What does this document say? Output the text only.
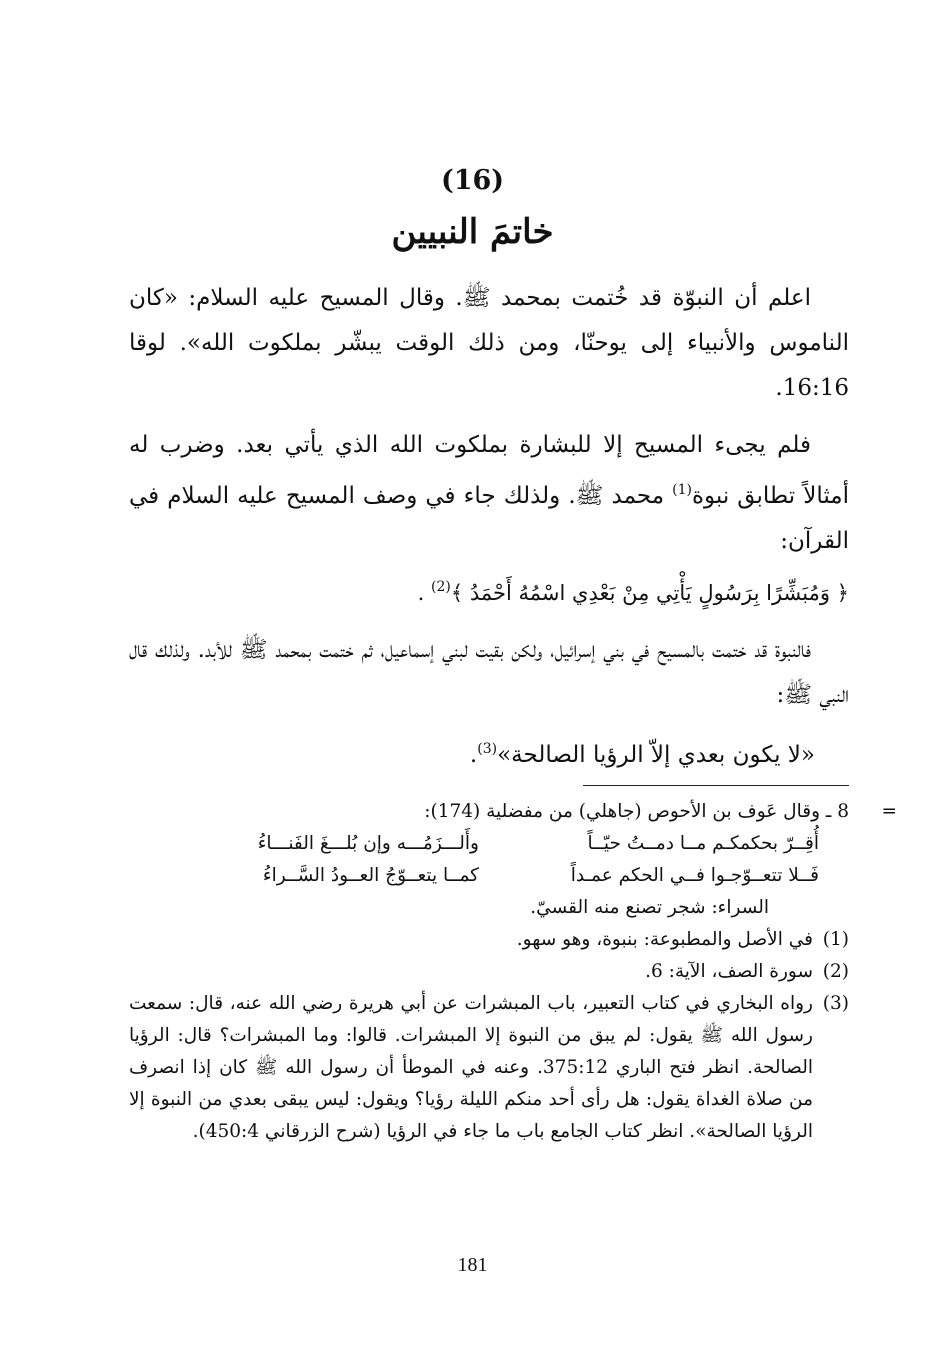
(16)
خاتمَ النبيين
اعلم أن النبوّة قد خُتمت بمحمد ﷺ. وقال المسيح عليه السلام: «كان الناموس والأنبياء إلى يوحنّا، ومن ذلك الوقت يبشّر بملكوت الله». لوقا 16:16.
فلم يجىء المسيح إلا للبشارة بملكوت الله الذي يأتي بعد. وضرب له أمثالاً تطابق نبوة$^{(1)}$ محمد ﷺ. ولذلك جاء في وصف المسيح عليه السلام في القرآن:
﴿ وَمُبَشِّرًا بِرَسُولٍ يَأْتِي مِنْ بَعْدِي اسْمُهُ أَحْمَدُ ﴾$^{(2)}$ .
فالنبوة قد ختمت بالمسيح في بني إسرائيل، ولكن بقيت لبني إسماعيل، ثم ختمت بمحمد ﷺ للأبد. ولذلك قال النبي ﷺ:
«لا يكون بعدي إلاّ الرؤيا الصالحة»$^{(3)}$.
=
8 ـ وقال عَوف بن الأحوص (جاهلي) من مفضلية (174):
أُقِــرّ بحكمكـم مــا دمــتُ حيّــاً
وأَلـــزَمُـــه وإن بُلـــغَ الفَنـــاءُ
فَــلا تتعــوّجـوا فــي الحكم عمـداً
كمــا يتعــوّجُ العــودُ السَّــراءُ
السراء: شجر تصنع منه القسيّ.
(1)
في الأصل والمطبوعة: بنبوة، وهو سهو.
(2)
سورة الصف، الآية: 6.
(3)
رواه البخاري في كتاب التعبير، باب المبشرات عن أبي هريرة رضي الله عنه، قال: سمعت رسول الله ﷺ يقول: لم يبق من النبوة إلا المبشرات. قالوا: وما المبشرات؟ قال: الرؤيا الصالحة. انظر فتح الباري 375:12. وعنه في الموطأ أن رسول الله ﷺ كان إذا انصرف من صلاة الغداة يقول: هل رأى أحد منكم الليلة رؤيا؟ ويقول: ليس يبقى بعدي من النبوة إلا الرؤيا الصالحة». انظر كتاب الجامع باب ما جاء في الرؤيا (شرح الزرقاني 450:4).
181
